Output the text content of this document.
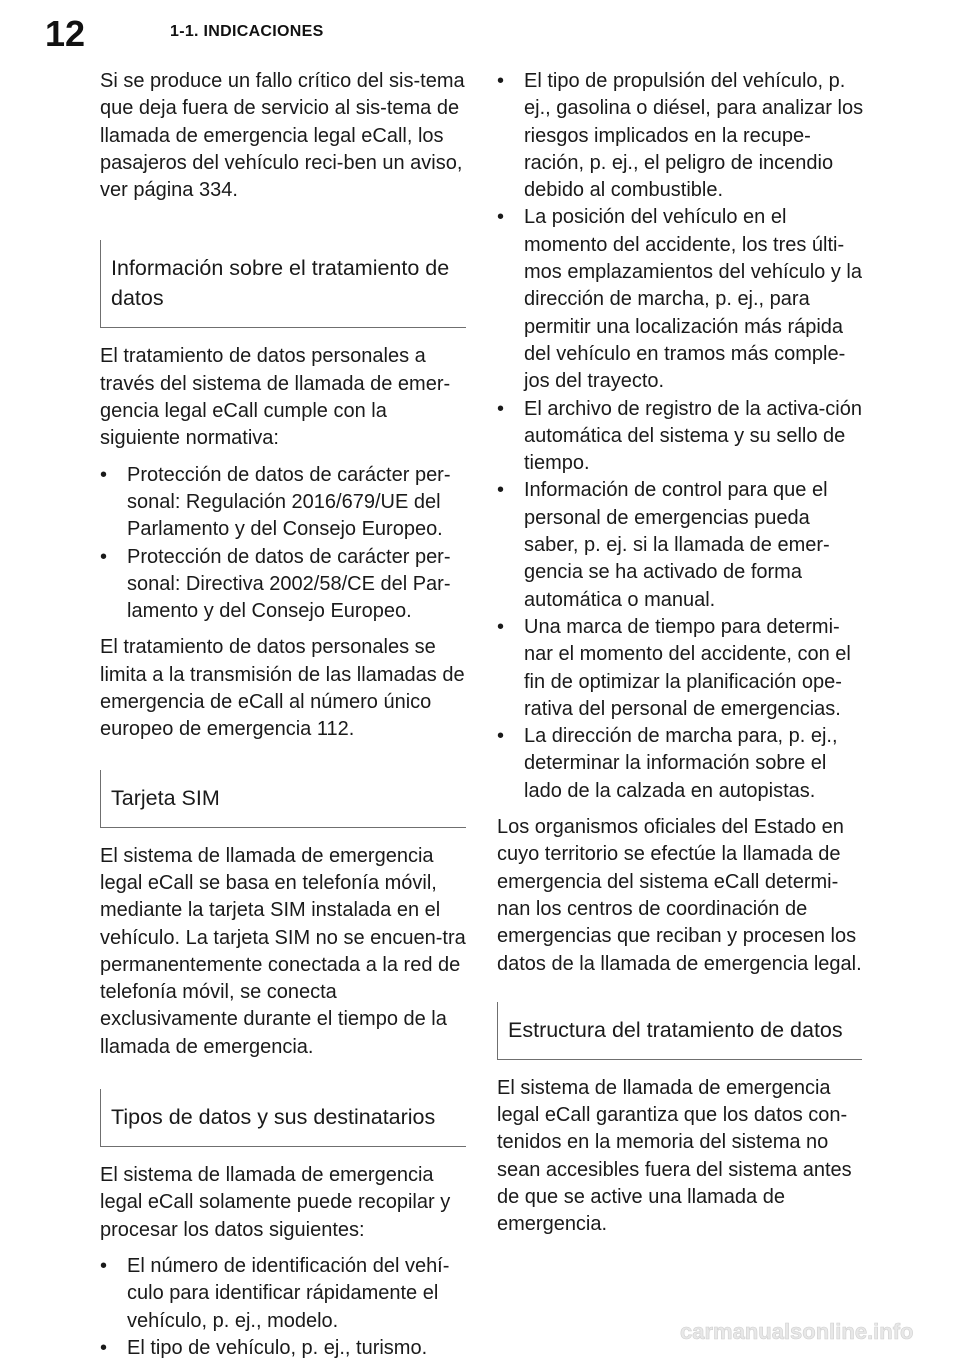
12	1-1. INDICACIONES

Si se produce un fallo crítico del sis-tema que deja fuera de servicio al sis-tema de llamada de emergencia legal eCall, los pasajeros del vehículo reci-ben un aviso, ver página 334.

Información sobre el tratamiento de datos

El tratamiento de datos personales a través del sistema de llamada de emer-gencia legal eCall cumple con la siguiente normativa:

• Protección de datos de carácter per-sonal: Regulación 2016/679/UE del Parlamento y del Consejo Europeo.
• Protección de datos de carácter per-sonal: Directiva 2002/58/CE del Par-lamento y del Consejo Europeo.

El tratamiento de datos personales se limita a la transmisión de las llamadas de emergencia de eCall al número único europeo de emergencia 112.

Tarjeta SIM

El sistema de llamada de emergencia legal eCall se basa en telefonía móvil, mediante la tarjeta SIM instalada en el vehículo. La tarjeta SIM no se encuen-tra permanentemente conectada a la red de telefonía móvil, se conecta exclusivamente durante el tiempo de la llamada de emergencia.

Tipos de datos y sus destinatarios

El sistema de llamada de emergencia legal eCall solamente puede recopilar y procesar los datos siguientes:

• El número de identificación del vehí-culo para identificar rápidamente el vehículo, p. ej., modelo.
• El tipo de vehículo, p. ej., turismo.
• El tipo de propulsión del vehículo, p. ej., gasolina o diésel, para analizar los riesgos implicados en la recupe-ración, p. ej., el peligro de incendio debido al combustible.
• La posición del vehículo en el momento del accidente, los tres últi-mos emplazamientos del vehículo y la dirección de marcha, p. ej., para permitir una localización más rápida del vehículo en tramos más comple-jos del trayecto.
• El archivo de registro de la activa-ción automática del sistema y su sello de tiempo.
• Información de control para que el personal de emergencias pueda saber, p. ej. si la llamada de emer-gencia se ha activado de forma automática o manual.
• Una marca de tiempo para determi-nar el momento del accidente, con el fin de optimizar la planificación ope-rativa del personal de emergencias.
• La dirección de marcha para, p. ej., determinar la información sobre el lado de la calzada en autopistas.

Los organismos oficiales del Estado en cuyo territorio se efectúe la llamada de emergencia del sistema eCall determi-nan los centros de coordinación de emergencias que reciban y procesen los datos de la llamada de emergencia legal.

Estructura del tratamiento de datos

El sistema de llamada de emergencia legal eCall garantiza que los datos con-tenidos en la memoria del sistema no sean accesibles fuera del sistema antes de que se active una llamada de emergencia.

carmanualsonline.info
